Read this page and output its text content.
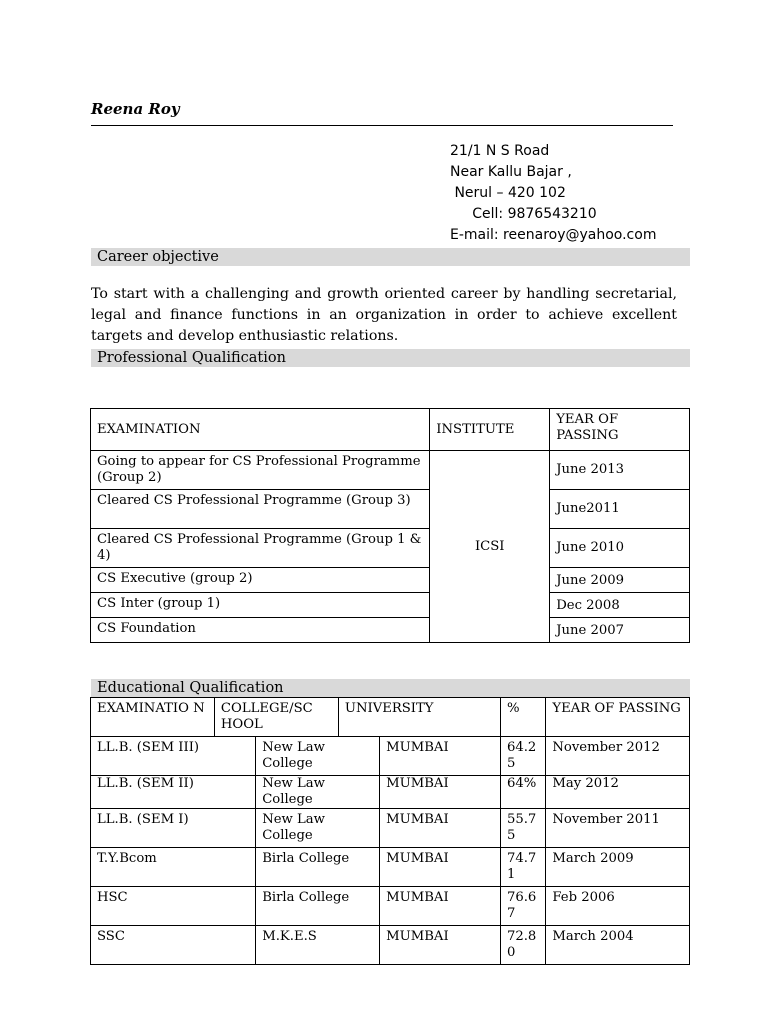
Reena Roy
21/1 N S Road
Near Kallu Bajar ,
Nerul – 420 102
Cell: 9876543210
E-mail: reenaroy@yahoo.com
Career objective
To start with a challenging and growth oriented career by handling secretarial, legal and finance functions in an organization in order to achieve excellent targets and develop enthusiastic relations.
Professional Qualification
EXAMINATION	INSTITUTE	YEAR OF PASSING
Going to appear for CS Professional Programme (Group 2)	ICSI	June 2013
Cleared CS Professional Programme (Group 3)		June2011
Cleared CS Professional Programme (Group 1 & 4)		June 2010
CS Executive (group 2)		June 2009
CS Inter (group 1)		Dec 2008
CS Foundation		June 2007
Educational Qualification
EXAMINATIO N	COLLEGE/SC HOOL		UNIVERSITY		%	YEAR OF PASSING
LL.B. (SEM III)		New Law College		MUMBAI	64.2 5	November 2012
LL.B. (SEM II)		New Law College		MUMBAI	64%	May 2012
LL.B. (SEM I)		New Law College		MUMBAI	55.7 5	November 2011
T.Y.Bcom		Birla College		MUMBAI	74.7 1	March 2009
HSC		Birla College		MUMBAI	76.6 7	Feb 2006
SSC		M.K.E.S		MUMBAI	72.8 0	March 2004
